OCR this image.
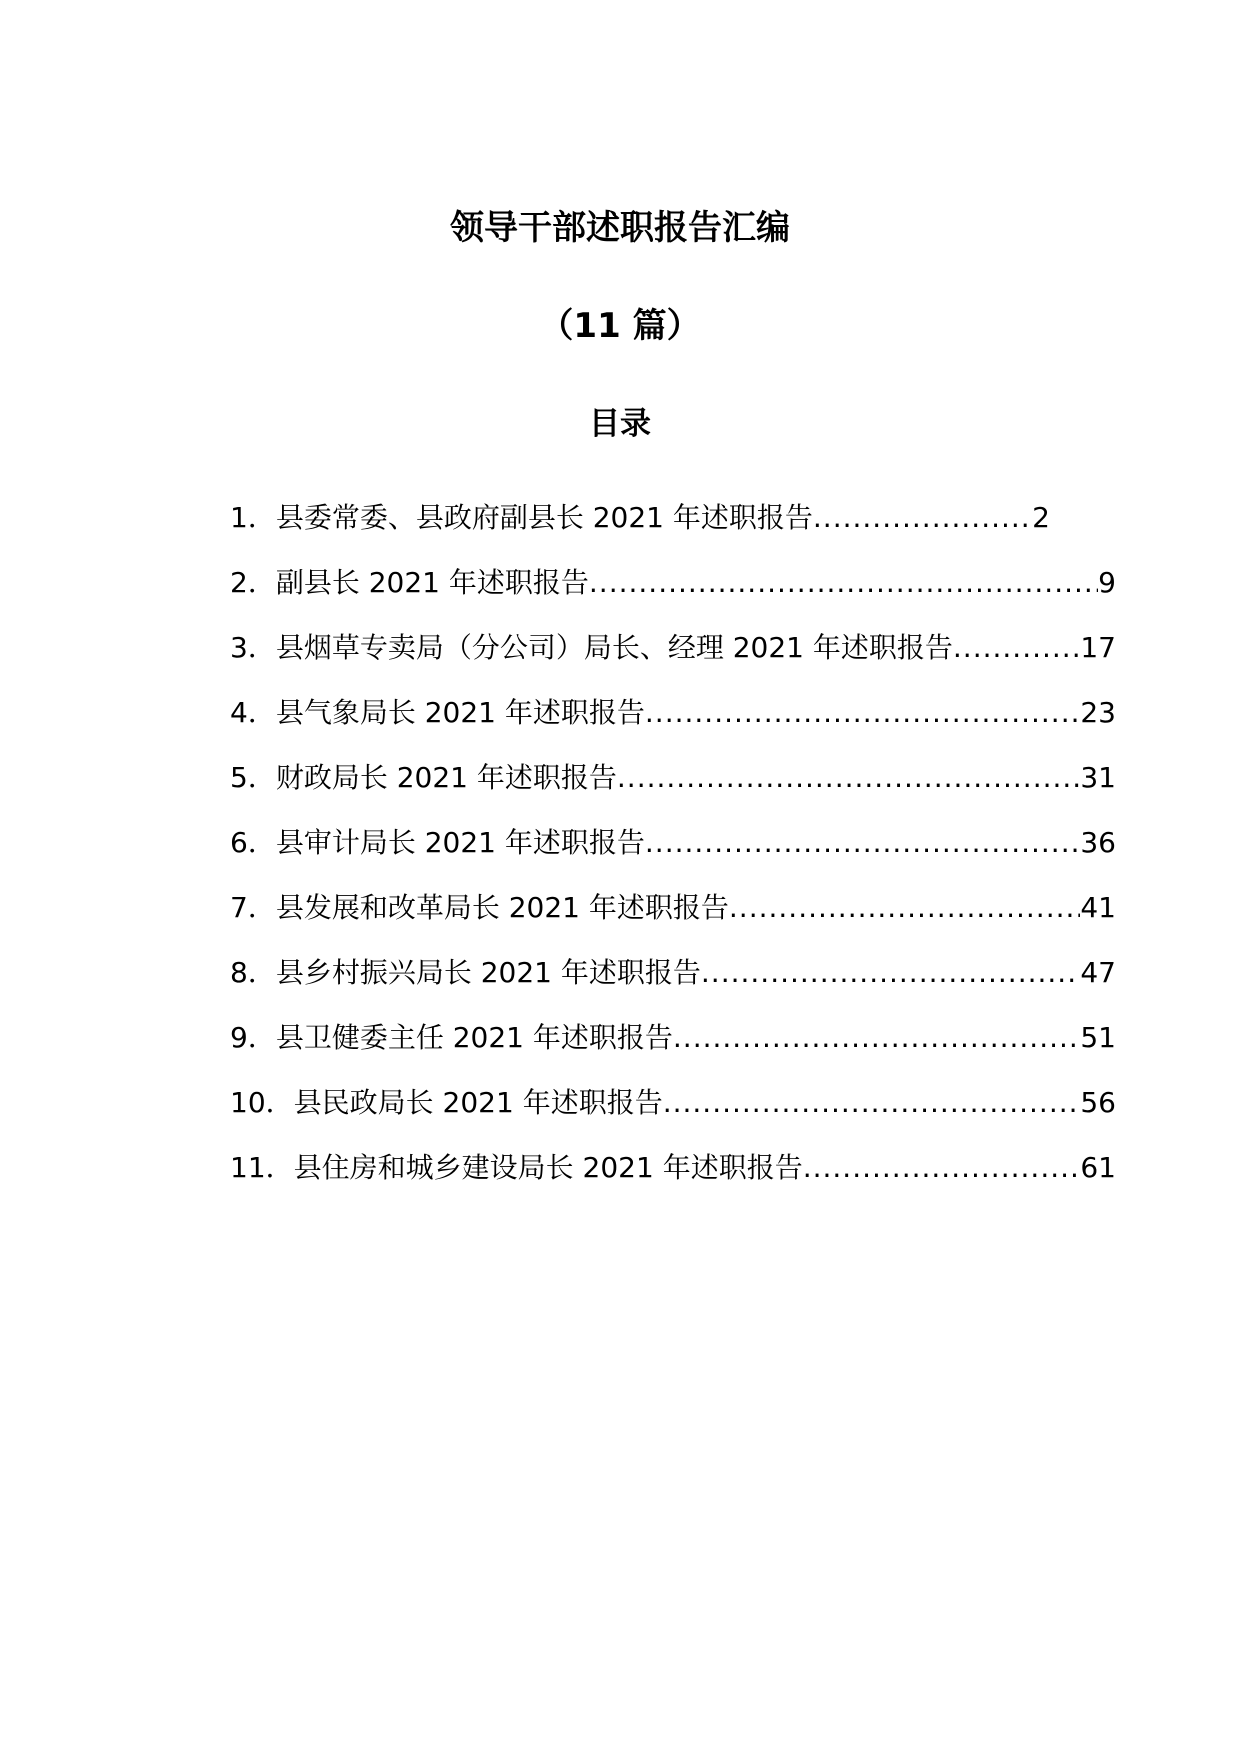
领导干部述职报告汇编
（11 篇）
目录
1． 县委常委、县政府副县长 2021 年述职报告 .....	2
2． 副县长 2021 年述职报告 .....	9
3． 县烟草专卖局（分公司）局长、经理 2021 年述职报告 .....	17
4． 县气象局长 2021 年述职报告 .....	23
5． 财政局长 2021 年述职报告 .....	31
6． 县审计局长 2021 年述职报告 .....	36
7． 县发展和改革局长 2021 年述职报告 .....	41
8． 县乡村振兴局长 2021 年述职报告 .....	47
9． 县卫健委主任 2021 年述职报告 .....	51
10． 县民政局长 2021 年述职报告 .....	56
11． 县住房和城乡建设局长 2021 年述职报告 .....	61
